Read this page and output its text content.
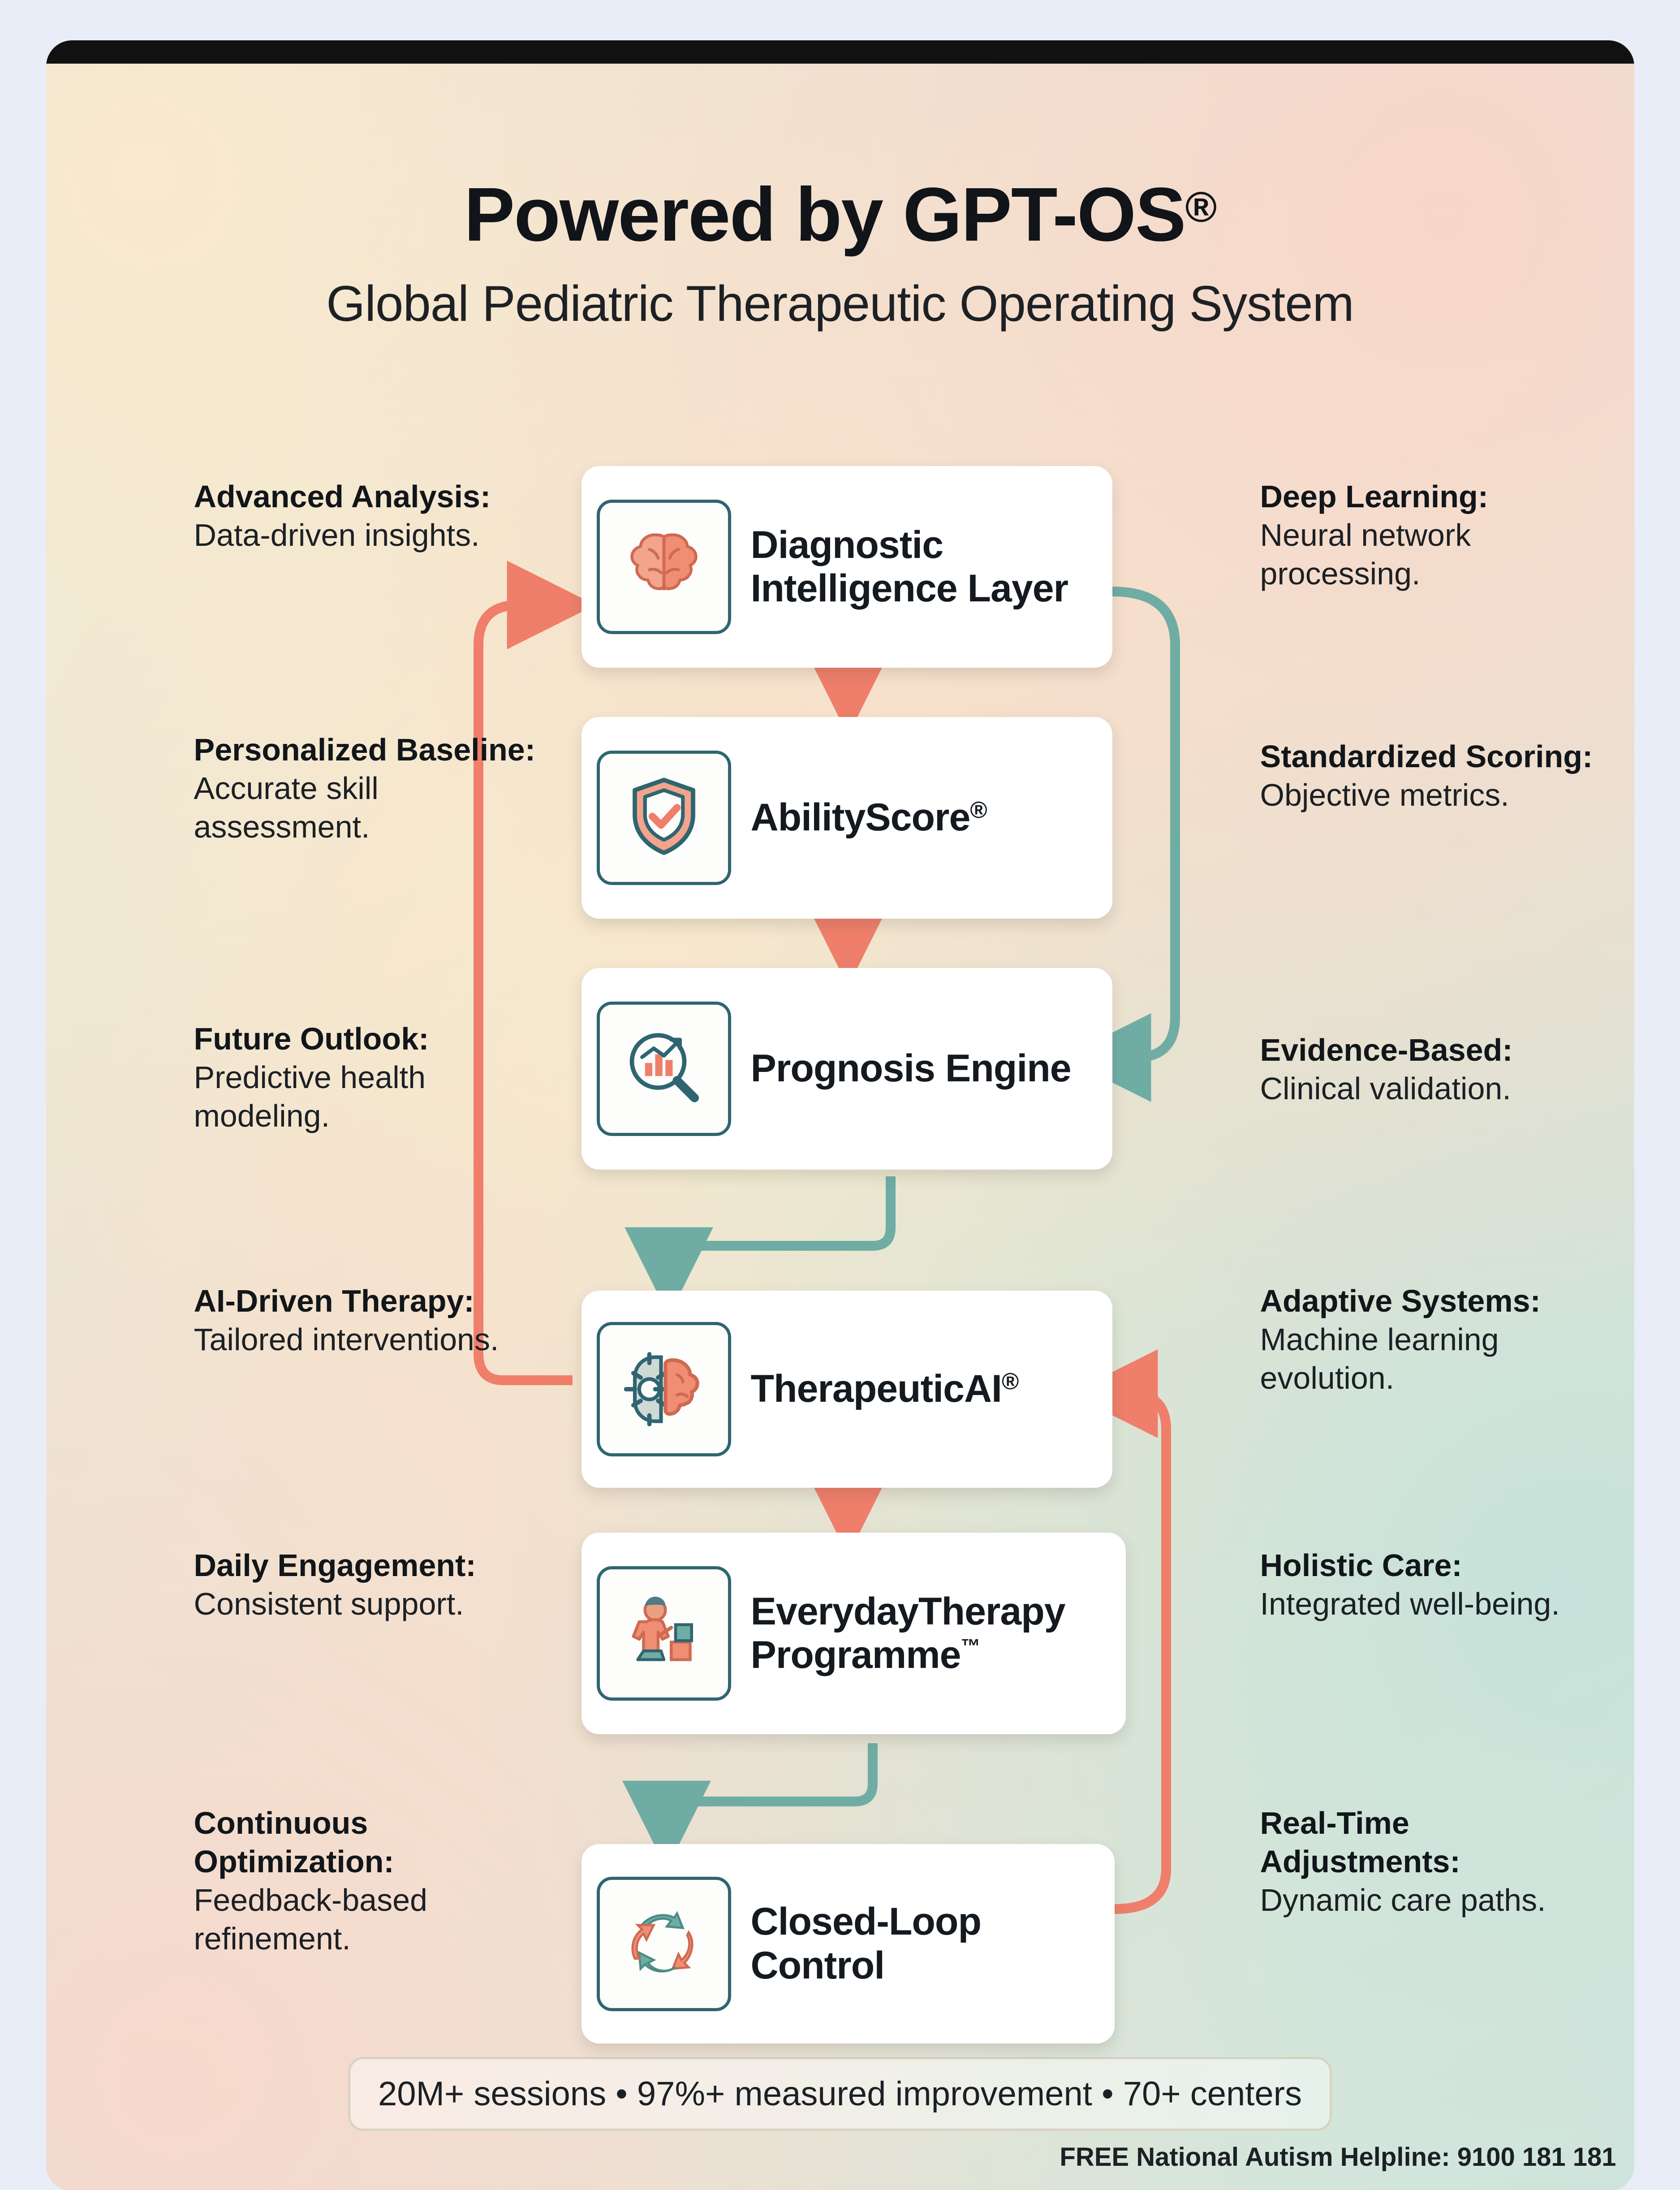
Powered by GPT-OS®
Global Pediatric Therapeutic Operating System
Diagnostic Intelligence Layer
AbilityScore®
Prognosis Engine
TherapeuticAI®
EverydayTherapy Programme™
Closed-Loop Control
Advanced Analysis:
Data-driven insights.
Personalized Baseline:
Accurate skill assessment.
Future Outlook:
Predictive health modeling.
AI-Driven Therapy:
Tailored interventions.
Daily Engagement:
Consistent support.
Continuous Optimization:
Feedback-based refinement.
Deep Learning:
Neural network processing.
Standardized Scoring:
Objective metrics.
Evidence-Based:
Clinical validation.
Adaptive Systems:
Machine learning evolution.
Holistic Care:
Integrated well-being.
Real-Time Adjustments:
Dynamic care paths.
20M+ sessions • 97%+ measured improvement • 70+ centers
FREE National Autism Helpline: 9100 181 181
